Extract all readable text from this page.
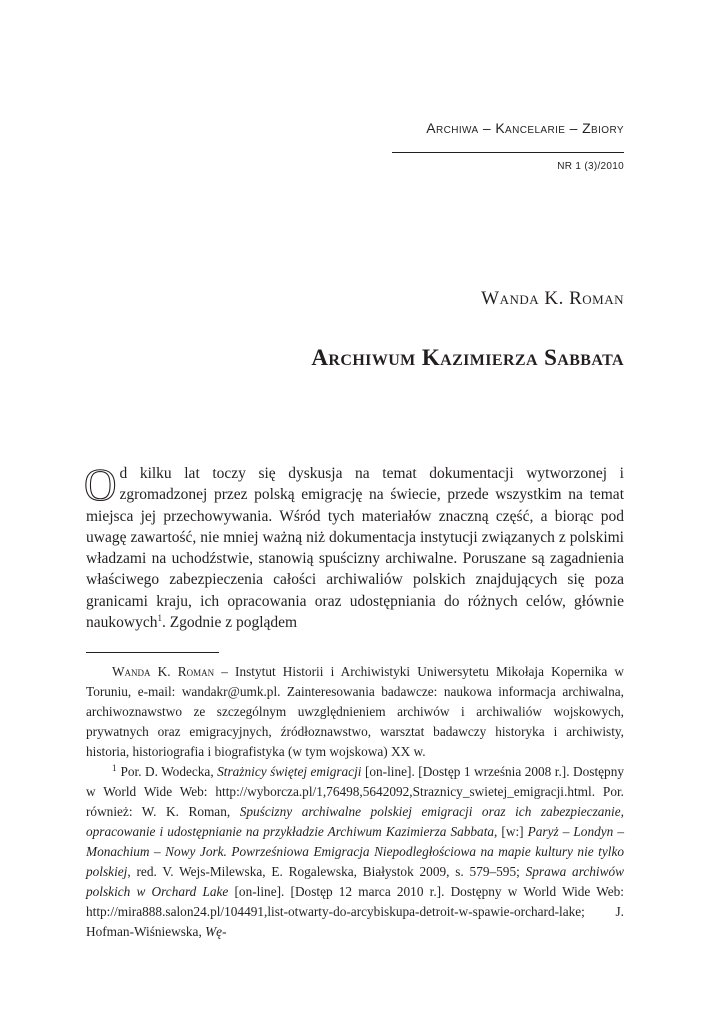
Archiwa – Kancelarie – Zbiory
NR 1 (3)/2010
Wanda K. Roman
Archiwum Kazimierza Sabbata
Od kilku lat toczy się dyskusja na temat dokumentacji wytworzonej i zgromadzonej przez polską emigrację na świecie, przede wszystkim na temat miejsca jej przechowywania. Wśród tych materiałów znaczną część, a biorąc pod uwagę zawartość, nie mniej ważną niż dokumentacja instytucji związanych z polskimi władzami na uchodźstwie, stanowią spuścizny archiwalne. Poruszane są zagadnienia właściwego zabezpieczenia całości archiwaliów polskich znajdujących się poza granicami kraju, ich opracowania oraz udostępniania do różnych celów, głównie naukowych$^1$. Zgodnie z poglądem

Wanda K. Roman – Instytut Historii i Archiwistyki Uniwersytetu Mikołaja Kopernika w Toruniu, e-mail: wandakr@umk.pl. Zainteresowania badawcze: naukowa informacja archiwalna, archiwoznawstwo ze szczególnym uwzględnieniem archiwów i archiwaliów wojskowych, prywatnych oraz emigracyjnych, źródłoznawstwo, warsztat badawczy historyka i archiwisty, historia, historiografia i biografistyka (w tym wojskowa) XX w.

$^1$ Por. D. Wodecka, Strażnicy świętej emigracji [on-line]. [Dostęp 1 września 2008 r.]. Dostępny w World Wide Web: http://wyborcza.pl/1,76498,5642092,Straznicy_swietej_emigracji.html. Por. również: W. K. Roman, Spuścizny archiwalne polskiej emigracji oraz ich zabezpieczanie, opracowanie i udostępnianie na przykładzie Archiwum Kazimierza Sabbata, [w:] Paryż – Londyn – Monachium – Nowy Jork. Powrześniowa Emigracja Niepodległościowa na mapie kultury nie tylko polskiej, red. V. Wejs-Milewska, E. Rogalewska, Białystok 2009, s. 579–595; Sprawa archiwów polskich w Orchard Lake [on-line]. [Dostęp 12 marca 2010 r.]. Dostępny w World Wide Web: http://mira888.salon24.pl/104491,list-otwarty-do-arcybiskupa-detroit-w-spawie-orchard-lake; J. Hofman-Wiśniewska, Wę-
